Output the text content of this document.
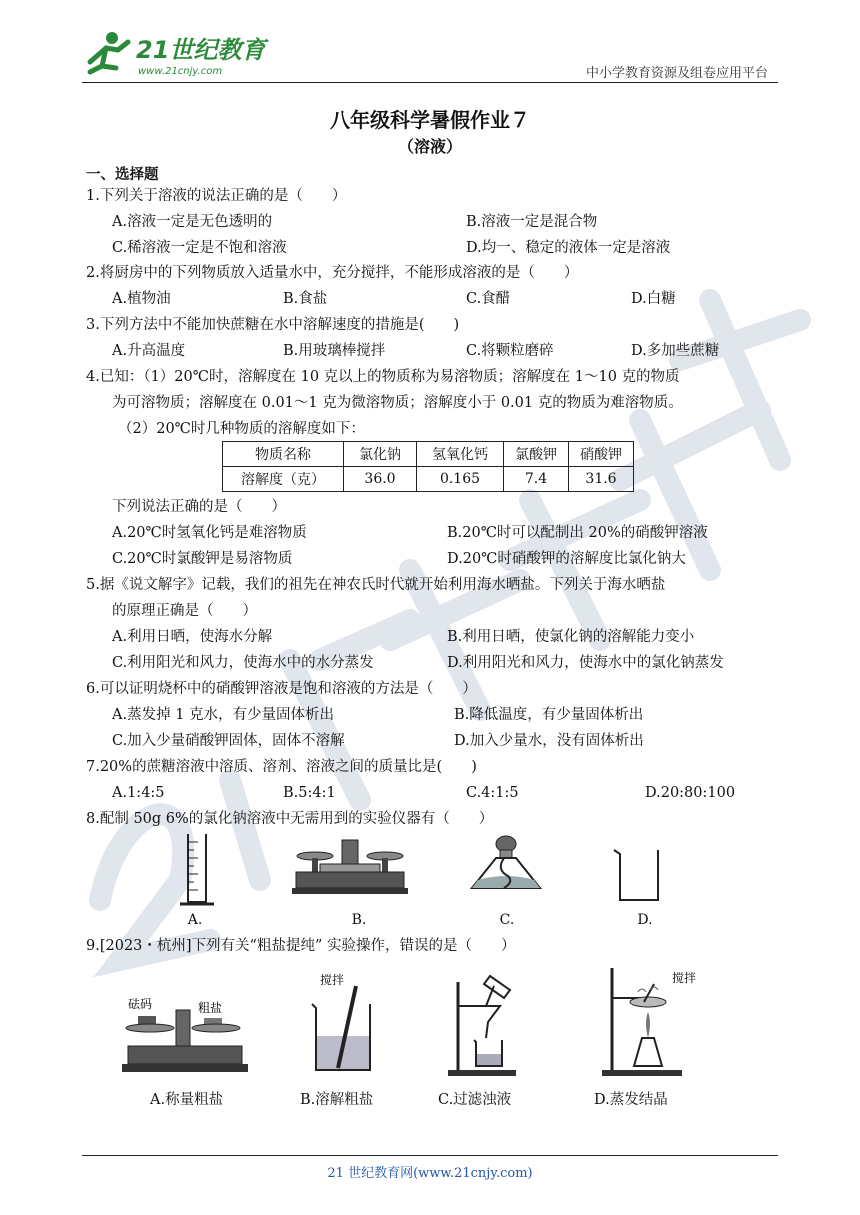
21世纪教育
www.21cnjy.com	中小学教育资源及组卷应用平台
八年级科学暑假作业７
（溶液）
一、选择题
1.下列关于溶液的说法正确的是（　　）
A.溶液一定是无色透明的	B.溶液一定是混合物
C.稀溶液一定是不饱和溶液	D.均一、稳定的液体一定是溶液
2.将厨房中的下列物质放入适量水中，充分搅拌，不能形成溶液的是（　　）
A.植物油	B.食盐	C.食醋	D.白糖
3.下列方法中不能加快蔗糖在水中溶解速度的措施是(　　)
A.升高温度	B.用玻璃棒搅拌	C.将颗粒磨碎	D.多加些蔗糖
4.已知：（1）20℃时，溶解度在 10 克以上的物质称为易溶物质；溶解度在 1～10 克的物质
为可溶物质；溶解度在 0.01～1 克为微溶物质；溶解度小于 0.01 克的物质为难溶物质。
（2）20℃时几种物质的溶解度如下：
物质名称	氯化钠	氢氧化钙	氯酸钾	硝酸钾
溶解度（克）	36.0	0.165	7.4	31.6
下列说法正确的是（　　）
A.20℃时氢氧化钙是难溶物质	B.20℃时可以配制出 20%的硝酸钾溶液
C.20℃时氯酸钾是易溶物质	D.20℃时硝酸钾的溶解度比氯化钠大
5.据《说文解字》记载，我们的祖先在神农氏时代就开始利用海水晒盐。下列关于海水晒盐
的原理正确是（　　）
A.利用日晒，使海水分解	B.利用日晒，使氯化钠的溶解能力变小
C.利用阳光和风力，使海水中的水分蒸发	D.利用阳光和风力，使海水中的氯化钠蒸发
6.可以证明烧杯中的硝酸钾溶液是饱和溶液的方法是（　　）
A.蒸发掉 1 克水，有少量固体析出	B.降低温度，有少量固体析出
C.加入少量硝酸钾固体，固体不溶解	D.加入少量水，没有固体析出
7.20%的蔗糖溶液中溶质、溶剂、溶液之间的质量比是(　　)
A.1:4:5	B.5:4:1	C.4:1:5	D.20:80:100
8.配制 50g 6%的氯化钠溶液中无需用到的实验仪器有（　　）
A.	B.	C.	D.
9.[2023・杭州]下列有关“粗盐提纯” 实验操作，错误的是（　　）
砝码	粗盐
搅拌	搅拌
A.称量粗盐	B.溶解粗盐	C.过滤浊液	D.蒸发结晶
21 世纪教育网(www.21cnjy.com)
